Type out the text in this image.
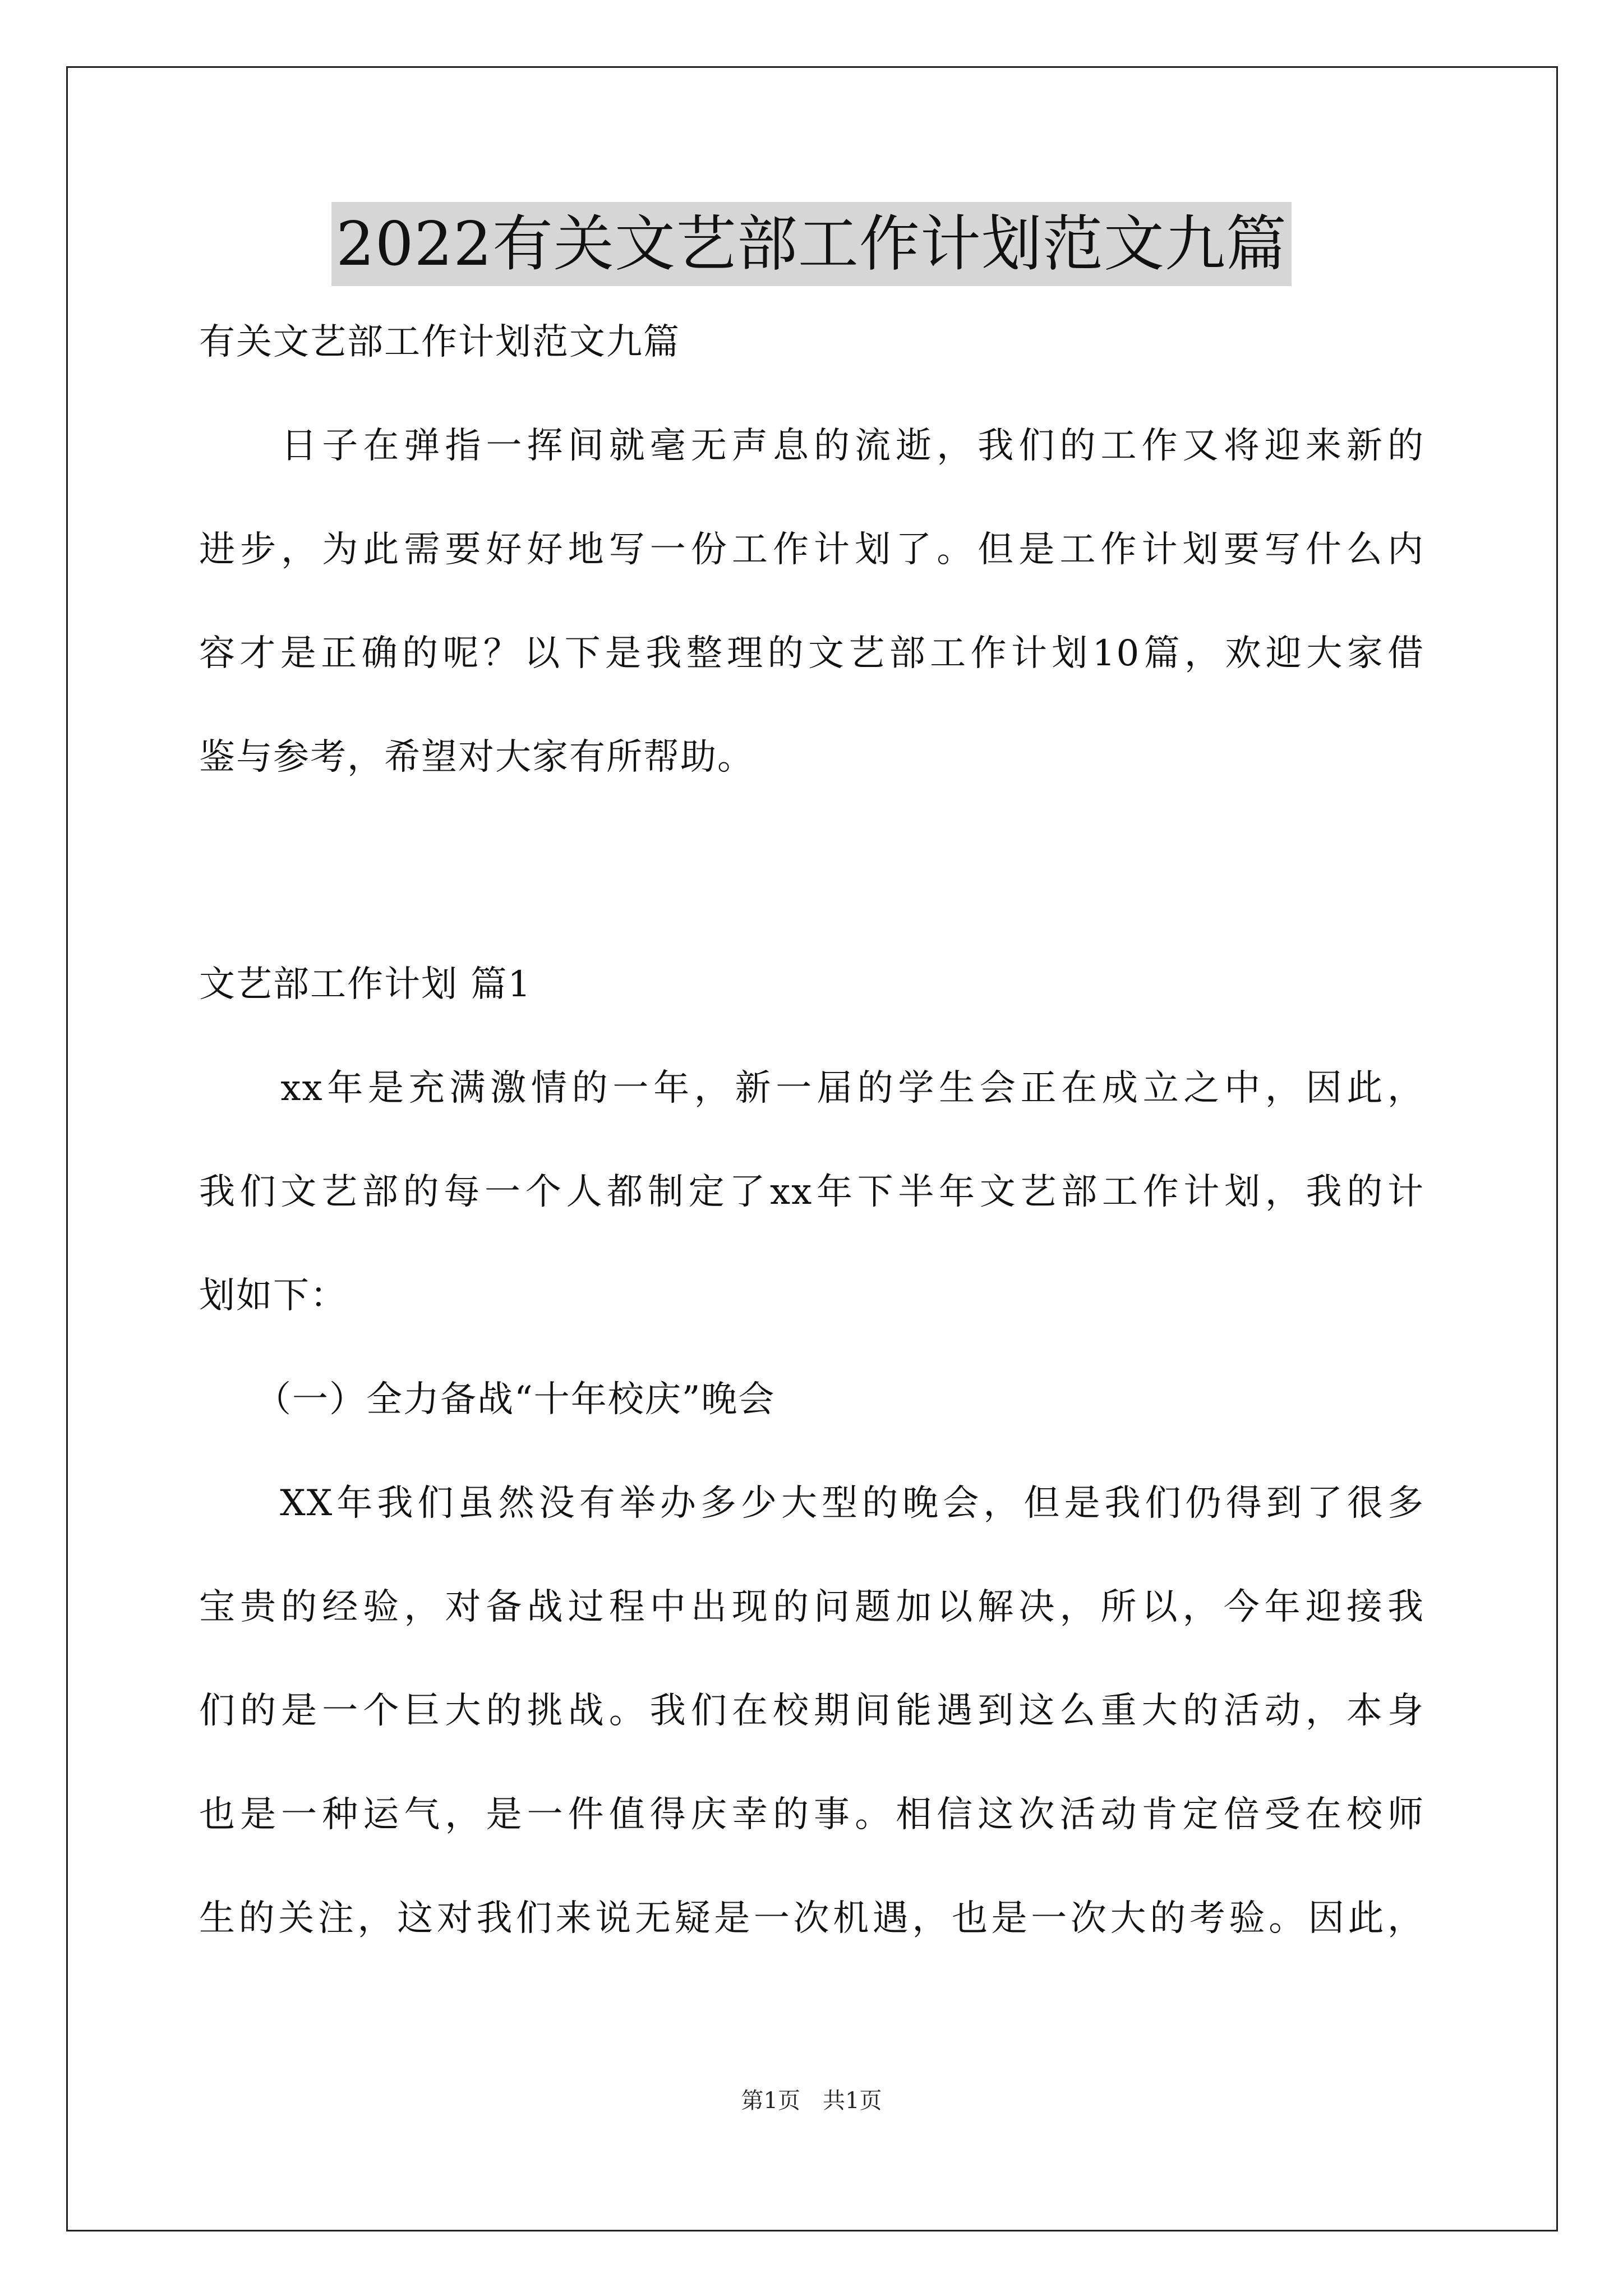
2022有关文艺部工作计划范文九篇
有关文艺部工作计划范文九篇
　　日子在弹指一挥间就毫无声息的流逝，我们的工作又将迎来新的
进步，为此需要好好地写一份工作计划了。但是工作计划要写什么内
容才是正确的呢？以下是我整理的文艺部工作计划10篇，欢迎大家借
鉴与参考，希望对大家有所帮助。
文艺部工作计划 篇1
　　xx年是充满激情的一年，新一届的学生会正在成立之中，因此，
我们文艺部的每一个人都制定了xx年下半年文艺部工作计划，我的计
划如下：
　　（一）全力备战“十年校庆”晚会
　　XX年我们虽然没有举办多少大型的晚会，但是我们仍得到了很多
宝贵的经验，对备战过程中出现的问题加以解决，所以，今年迎接我
们的是一个巨大的挑战。我们在校期间能遇到这么重大的活动，本身
也是一种运气，是一件值得庆幸的事。相信这次活动肯定倍受在校师
生的关注，这对我们来说无疑是一次机遇，也是一次大的考验。因此，
第1页　共1页
